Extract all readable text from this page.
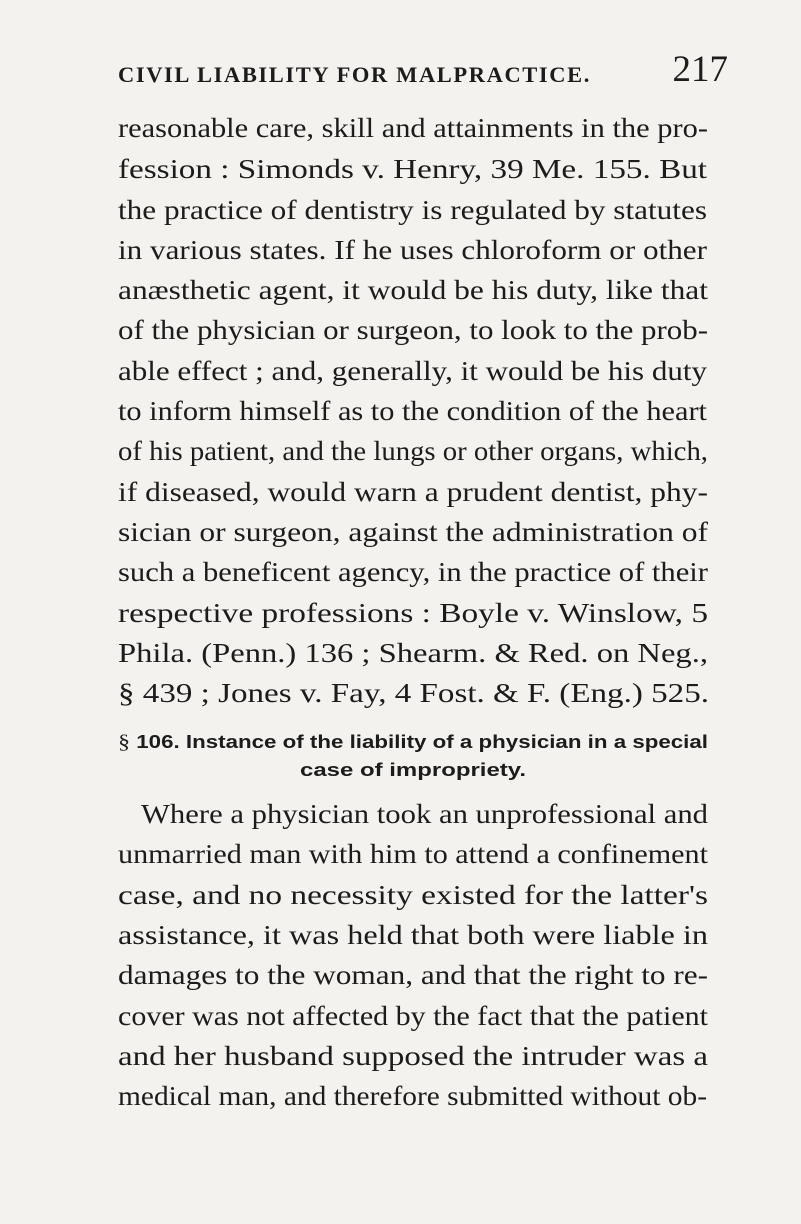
CIVIL LIABILITY FOR MALPRACTICE. 217
reasonable care, skill and attainments in the pro-
fession : Simonds v. Henry, 39 Me. 155. But
the practice of dentistry is regulated by statutes
in various states. If he uses chloroform or other
anæsthetic agent, it would be his duty, like that
of the physician or surgeon, to look to the prob-
able effect ; and, generally, it would be his duty
to inform himself as to the condition of the heart
of his patient, and the lungs or other organs, which,
if diseased, would warn a prudent dentist, phy-
sician or surgeon, against the administration of
such a beneficent agency, in the practice of their
respective professions : Boyle v. Winslow, 5
Phila. (Penn.) 136 ; Shearm. & Red. on Neg.,
§ 439 ; Jones v. Fay, 4 Fost. & F. (Eng.) 525.
§ 106. Instance of the liability of a physician in a special
case of impropriety.
Where a physician took an unprofessional and
unmarried man with him to attend a confinement
case, and no necessity existed for the latter's
assistance, it was held that both were liable in
damages to the woman, and that the right to re-
cover was not affected by the fact that the patient
and her husband supposed the intruder was a
medical man, and therefore submitted without ob-
